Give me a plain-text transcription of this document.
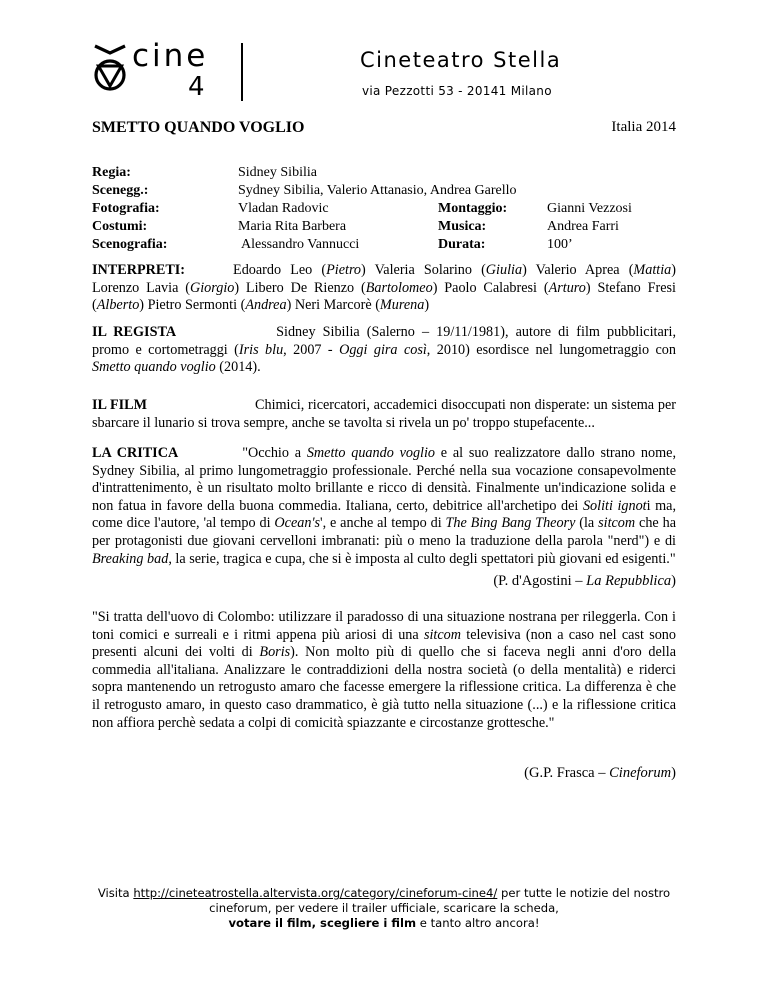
cine
4
Cineteatro Stella
via Pezzotti 53 - 20141 Milano
SMETTO QUANDO VOGLIO	Italia 2014
Regia:	Sidney Sibilia
Scenegg.:	Sydney Sibilia, Valerio Attanasio, Andrea Garello
Fotografia:	Vladan Radovic	Montaggio:	Gianni Vezzosi
Costumi:	Maria Rita Barbera	Musica:	Andrea Farri
Scenografia:	Alessandro Vannucci	Durata:	100’
INTERPRETI:	Edoardo Leo (Pietro) Valeria Solarino (Giulia) Valerio Aprea (Mattia) Lorenzo Lavia (Giorgio) Libero De Rienzo (Bartolomeo) Paolo Calabresi (Arturo) Stefano Fresi (Alberto) Pietro Sermonti (Andrea) Neri Marcorè (Murena)
IL REGISTA	Sidney Sibilia (Salerno – 19/11/1981), autore di film pubblicitari, promo e cortometraggi (Iris blu, 2007 - Oggi gira così, 2010) esordisce nel lungometraggio con Smetto quando voglio (2014).
IL FILM	Chimici, ricercatori, accademici disoccupati non disperate: un sistema per sbarcare il lunario si trova sempre, anche se tavolta si rivela un po' troppo stupefacente...
LA CRITICA	"Occhio a Smetto quando voglio e al suo realizzatore dallo strano nome, Sydney Sibilia, al primo lungometraggio professionale. Perché nella sua vocazione consapevolmente d'intrattenimento, è un risultato molto brillante e ricco di densità. Finalmente un'indicazione solida e non fatua in favore della buona commedia. Italiana, certo, debitrice all'archetipo dei Soliti ignoti ma, come dice l'autore, 'al tempo di Ocean's', e anche al tempo di The Bing Bang Theory (la sitcom che ha per protagonisti due giovani cervelloni imbranati: più o meno la traduzione della parola "nerd") e di Breaking bad, la serie, tragica e cupa, che si è imposta al culto degli spettatori più giovani ed esigenti."
(P. d'Agostini – La Repubblica)
"Si tratta dell'uovo di Colombo: utilizzare il paradosso di una situazione nostrana per rileggerla. Con i toni comici e surreali e i ritmi appena più ariosi di una sitcom televisiva (non a caso nel cast sono presenti alcuni dei volti di Boris). Non molto più di quello che si faceva negli anni d'oro della commedia all'italiana. Analizzare le contraddizioni della nostra società (o della mentalità) e riderci sopra mantenendo un retrogusto amaro che facesse emergere la riflessione critica. La differenza è che il retrogusto amaro, in questo caso drammatico, è già tutto nella situazione (...) e la riflessione critica non affiora perchè sedata a colpi di comicità spiazzante e circostanze grottesche."
(G.P. Frasca – Cineforum)
Visita http://cineteatrostella.altervista.org/category/cineforum-cine4/ per tutte le notizie del nostro cineforum, per vedere il trailer ufficiale, scaricare la scheda,
votare il film, scegliere i film e tanto altro ancora!
